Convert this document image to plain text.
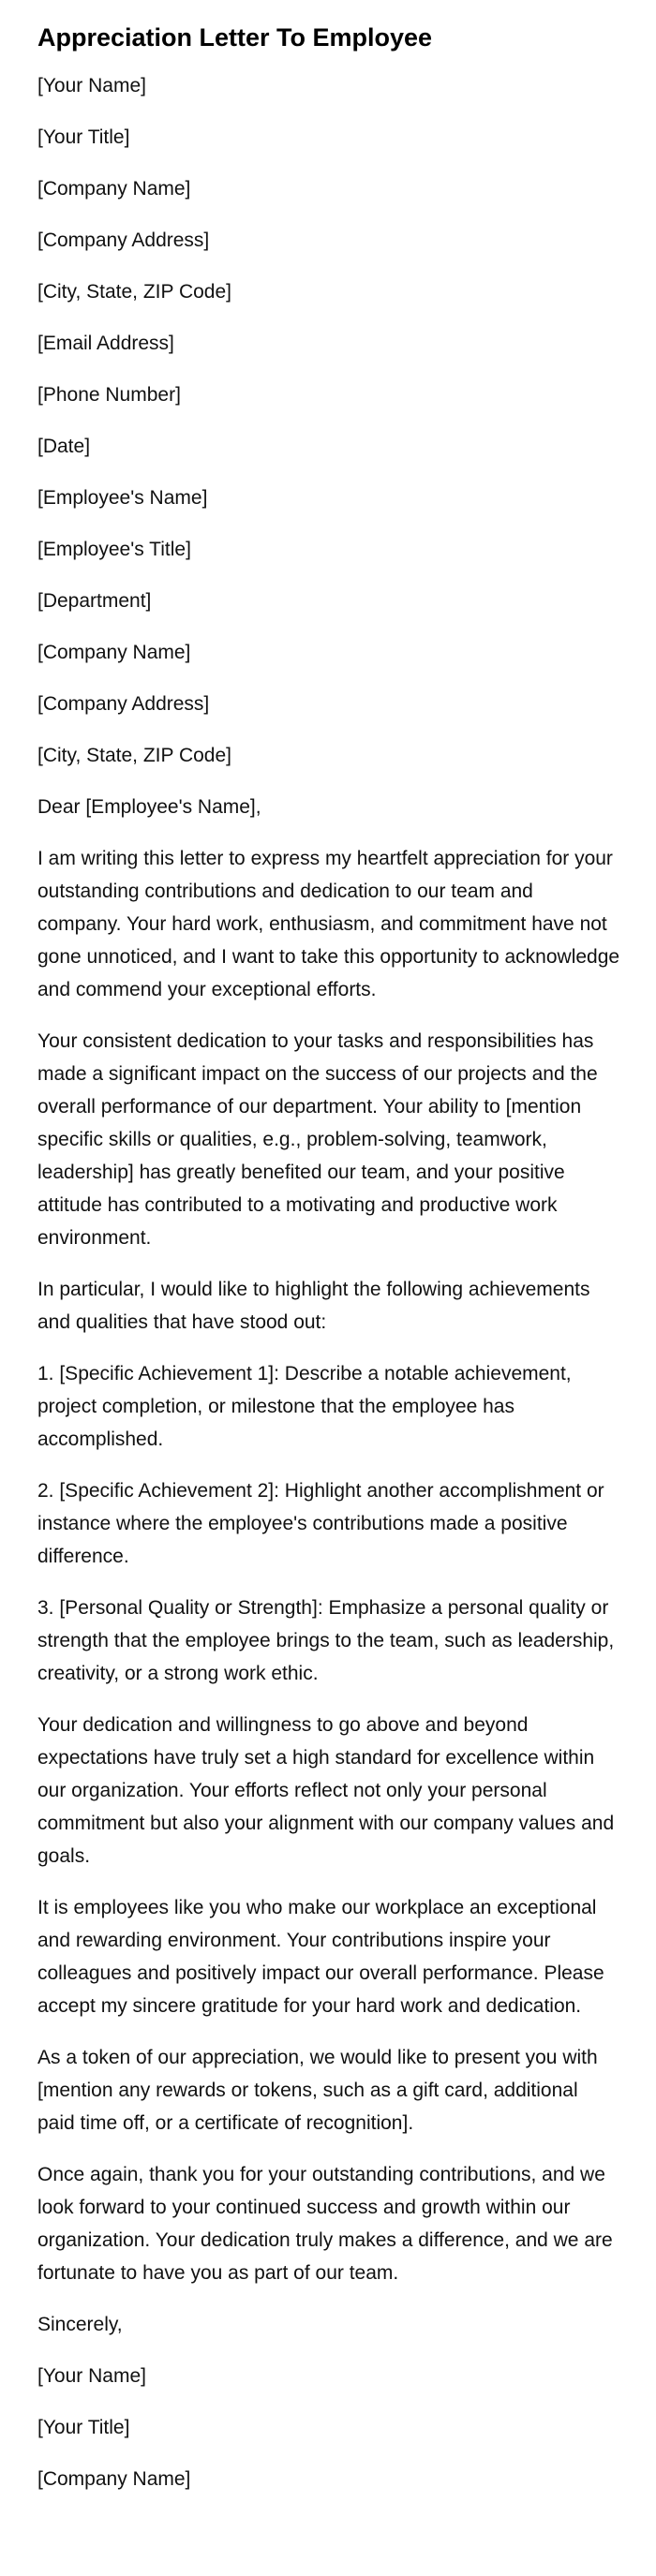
Appreciation Letter To Employee

[Your Name]

[Your Title]

[Company Name]

[Company Address]

[City, State, ZIP Code]

[Email Address]

[Phone Number]

[Date]

[Employee's Name]

[Employee's Title]

[Department]

[Company Name]

[Company Address]

[City, State, ZIP Code]

Dear [Employee's Name],

I am writing this letter to express my heartfelt appreciation for your outstanding contributions and dedication to our team and company. Your hard work, enthusiasm, and commitment have not gone unnoticed, and I want to take this opportunity to acknowledge and commend your exceptional efforts.

Your consistent dedication to your tasks and responsibilities has made a significant impact on the success of our projects and the overall performance of our department. Your ability to [mention specific skills or qualities, e.g., problem-solving, teamwork, leadership] has greatly benefited our team, and your positive attitude has contributed to a motivating and productive work environment.

In particular, I would like to highlight the following achievements and qualities that have stood out:

1. [Specific Achievement 1]: Describe a notable achievement, project completion, or milestone that the employee has accomplished.

2. [Specific Achievement 2]: Highlight another accomplishment or instance where the employee's contributions made a positive difference.

3. [Personal Quality or Strength]: Emphasize a personal quality or strength that the employee brings to the team, such as leadership, creativity, or a strong work ethic.

Your dedication and willingness to go above and beyond expectations have truly set a high standard for excellence within our organization. Your efforts reflect not only your personal commitment but also your alignment with our company values and goals.

It is employees like you who make our workplace an exceptional and rewarding environment. Your contributions inspire your colleagues and positively impact our overall performance. Please accept my sincere gratitude for your hard work and dedication.

As a token of our appreciation, we would like to present you with [mention any rewards or tokens, such as a gift card, additional paid time off, or a certificate of recognition].

Once again, thank you for your outstanding contributions, and we look forward to your continued success and growth within our organization. Your dedication truly makes a difference, and we are fortunate to have you as part of our team.

Sincerely,

[Your Name]

[Your Title]

[Company Name]
